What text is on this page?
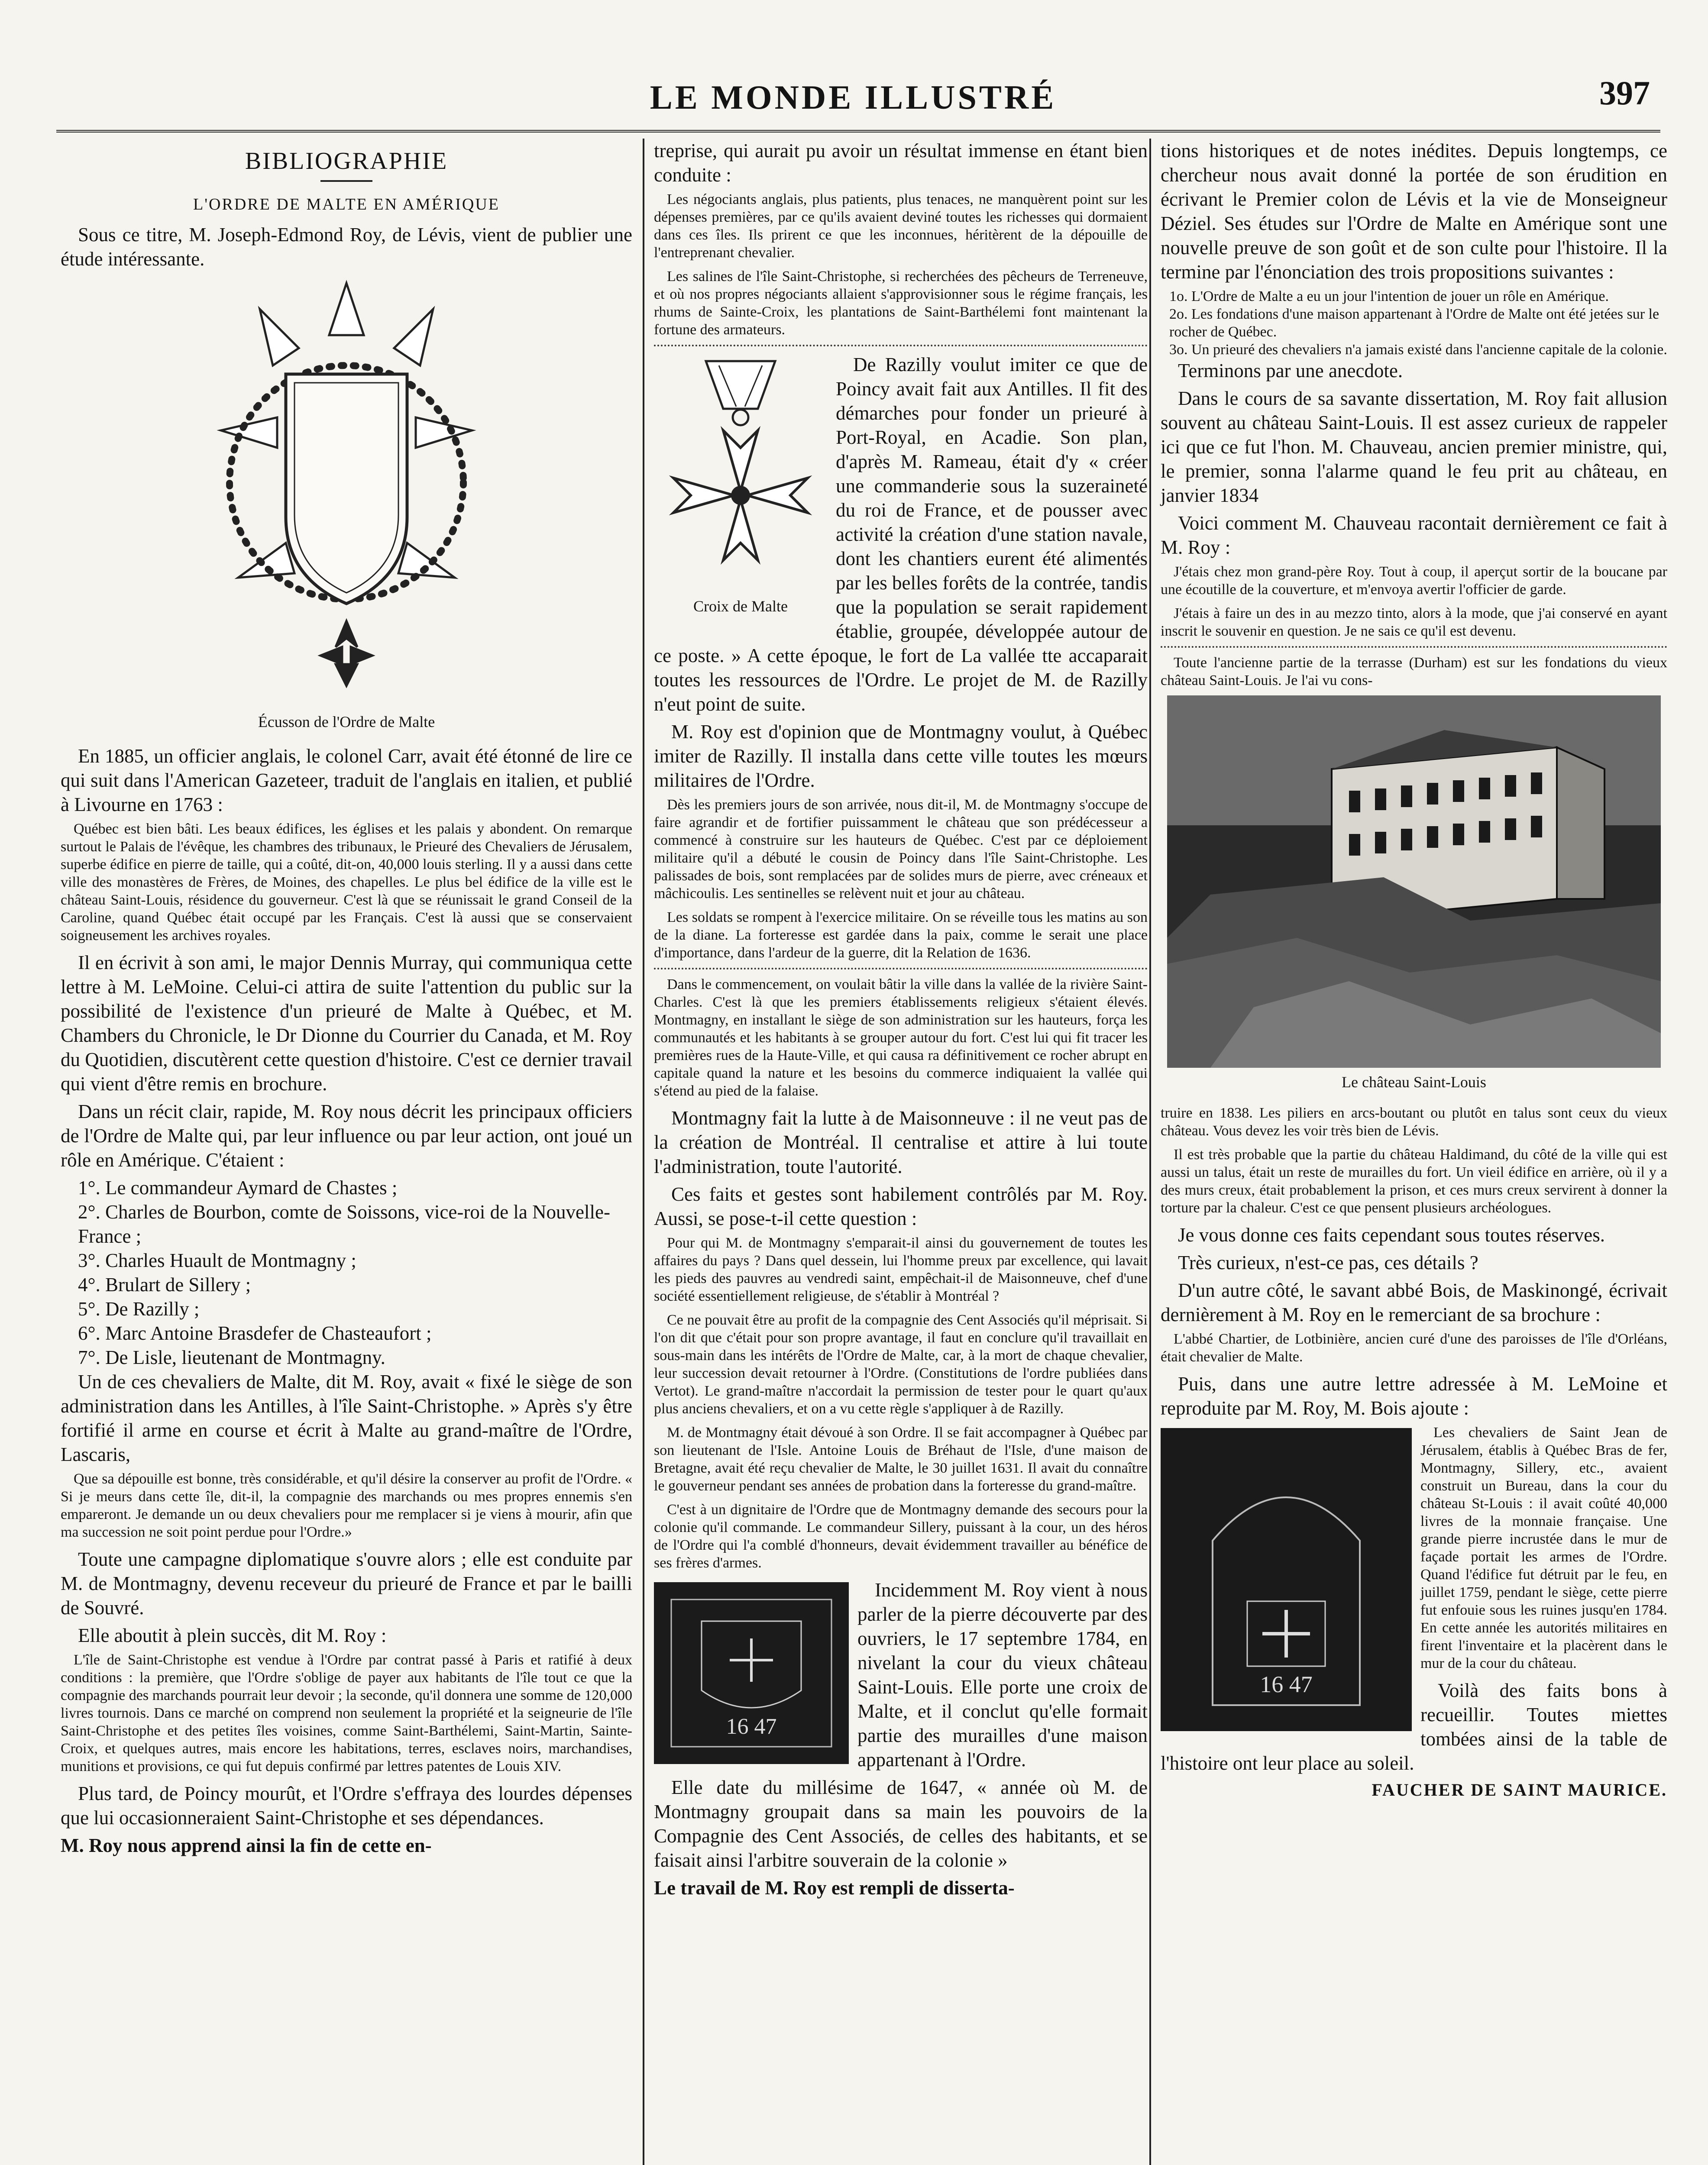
LE MONDE ILLUSTRÉ	397
BIBLIOGRAPHIE
L'ORDRE DE MALTE EN AMÉRIQUE

Sous ce titre, M. Joseph-Edmond Roy, de Lévis, vient de publier une étude intéressante.

Écusson de l'Ordre de Malte

En 1885, un officier anglais, le colonel Carr, avait été étonné de lire ce qui suit dans l'American Gazeteer, traduit de l'anglais en italien, et publié à Livourne en 1763 :

Québec est bien bâti. Les beaux édifices, les églises et les palais y abondent. On remarque surtout le Palais de l'évêque, les chambres des tribunaux, le Prieuré des Chevaliers de Jérusalem, superbe édifice en pierre de taille, qui a coûté, dit-on, 40,000 louis sterling. Il y a aussi dans cette ville des monastères de Frères, de Moines, des chapelles. Le plus bel édifice de la ville est le château Saint-Louis, résidence du gouverneur. C'est là que se réunissait le grand Conseil de la Caroline, quand Québec était occupé par les Français. C'est là aussi que se conservaient soigneusement les archives royales.

Il en écrivit à son ami, le major Dennis Murray, qui communiqua cette lettre à M. LeMoine. Celui-ci attira de suite l'attention du public sur la possibilité de l'existence d'un prieuré de Malte à Québec, et M. Chambers du Chronicle, le Dr Dionne du Courrier du Canada, et M. Roy du Quotidien, discutèrent cette question d'histoire. C'est ce dernier travail qui vient d'être remis en brochure.

Dans un récit clair, rapide, M. Roy nous décrit les principaux officiers de l'Ordre de Malte qui, par leur influence ou par leur action, ont joué un rôle en Amérique. C'étaient :

1°. Le commandeur Aymard de Chastes ;

2°. Charles de Bourbon, comte de Soissons, vice-roi de la Nouvelle-France ;

3°. Charles Huault de Montmagny ;

4°. Brulart de Sillery ;

5°. De Razilly ;

6°. Marc Antoine Brasdefer de Chasteaufort ;

7°. De Lisle, lieutenant de Montmagny.

Un de ces chevaliers de Malte, dit M. Roy, avait « fixé le siège de son administration dans les Antilles, à l'île Saint-Christophe. » Après s'y être fortifié il arme en course et écrit à Malte au grand-maître de l'Ordre, Lascaris,

Que sa dépouille est bonne, très considérable, et qu'il désire la conserver au profit de l'Ordre. « Si je meurs dans cette île, dit-il, la compagnie des marchands ou mes propres ennemis s'en empareront. Je demande un ou deux chevaliers pour me remplacer si je viens à mourir, afin que ma succession ne soit point perdue pour l'Ordre.»

Toute une campagne diplomatique s'ouvre alors ; elle est conduite par M. de Montmagny, devenu receveur du prieuré de France et par le bailli de Souvré.

Elle aboutit à plein succès, dit M. Roy :

L'île de Saint-Christophe est vendue à l'Ordre par contrat passé à Paris et ratifié à deux conditions : la première, que l'Ordre s'oblige de payer aux habitants de l'île tout ce que la compagnie des marchands pourrait leur devoir ; la seconde, qu'il donnera une somme de 120,000 livres tournois. Dans ce marché on comprend non seulement la propriété et la seigneurie de l'île Saint-Christophe et des petites îles voisines, comme Saint-Barthélemi, Saint-Martin, Sainte-Croix, et quelques autres, mais encore les habitations, terres, esclaves noirs, marchandises, munitions et provisions, ce qui fut depuis confirmé par lettres patentes de Louis XIV.

Plus tard, de Poincy mourût, et l'Ordre s'effraya des lourdes dépenses que lui occasionneraient Saint-Christophe et ses dépendances.

M. Roy nous apprend ainsi la fin de cette en-

treprise, qui aurait pu avoir un résultat immense en étant bien conduite :

Les négociants anglais, plus patients, plus tenaces, ne manquèrent point sur les dépenses premières, par ce qu'ils avaient deviné toutes les richesses qui dormaient dans ces îles. Ils prirent ce que les inconnues, héritèrent de la dépouille de l'entreprenant chevalier.

Les salines de l'île Saint-Christophe, si recherchées des pêcheurs de Terreneuve, et où nos propres négociants allaient s'approvisionner sous le régime français, les rhums de Sainte-Croix, les plantations de Saint-Barthélemi font maintenant la fortune des armateurs.

Croix de Malte

De Razilly voulut imiter ce que de Poincy avait fait aux Antilles. Il fit des démarches pour fonder un prieuré à Port-Royal, en Acadie. Son plan, d'après M. Rameau, était d'y « créer une commanderie sous la suzeraineté du roi de France, et de pousser avec activité la création d'une station navale, dont les chantiers eurent été alimentés par les belles forêts de la contrée, tandis que la population se serait rapidement établie, groupée, développée autour de ce poste. » A cette époque, le fort de La vallée tte accaparait toutes les ressources de l'Ordre. Le projet de M. de Razilly n'eut point de suite.

M. Roy est d'opinion que de Montmagny voulut, à Québec imiter de Razilly. Il installa dans cette ville toutes les mœurs militaires de l'Ordre.

Dès les premiers jours de son arrivée, nous dit-il, M. de Montmagny s'occupe de faire agrandir et de fortifier puissamment le château que son prédécesseur a commencé à construire sur les hauteurs de Québec. C'est par ce déploiement militaire qu'il a débuté le cousin de Poincy dans l'île Saint-Christophe. Les palissades de bois, sont remplacées par de solides murs de pierre, avec créneaux et mâchicoulis. Les sentinelles se relèvent nuit et jour au château.

Les soldats se rompent à l'exercice militaire. On se réveille tous les matins au son de la diane. La forteresse est gardée dans la paix, comme le serait une place d'importance, dans l'ardeur de la guerre, dit la Relation de 1636.

Dans le commencement, on voulait bâtir la ville dans la vallée de la rivière Saint-Charles. C'est là que les premiers établissements religieux s'étaient élevés. Montmagny, en installant le siège de son administration sur les hauteurs, força les communautés et les habitants à se grouper autour du fort. C'est lui qui fit tracer les premières rues de la Haute-Ville, et qui causa ra définitivement ce rocher abrupt en capitale quand la nature et les besoins du commerce indiquaient la vallée qui s'étend au pied de la falaise.

Montmagny fait la lutte à de Maisonneuve : il ne veut pas de la création de Montréal. Il centralise et attire à lui toute l'administration, toute l'autorité.

Ces faits et gestes sont habilement contrôlés par M. Roy. Aussi, se pose-t-il cette question :

Pour qui M. de Montmagny s'emparait-il ainsi du gouvernement de toutes les affaires du pays ? Dans quel dessein, lui l'homme preux par excellence, qui lavait les pieds des pauvres au vendredi saint, empêchait-il de Maisonneuve, chef d'une société essentiellement religieuse, de s'établir à Montréal ?

Ce ne pouvait être au profit de la compagnie des Cent Associés qu'il méprisait. Si l'on dit que c'était pour son propre avantage, il faut en conclure qu'il travaillait en sous-main dans les intérêts de l'Ordre de Malte, car, à la mort de chaque chevalier, leur succession devait retourner à l'Ordre. (Constitutions de l'ordre publiées dans Vertot). Le grand-maître n'accordait la permission de tester pour le quart qu'aux plus anciens chevaliers, et on a vu cette règle s'appliquer à de Razilly.

M. de Montmagny était dévoué à son Ordre. Il se fait accompagner à Québec par son lieutenant de l'Isle. Antoine Louis de Bréhaut de l'Isle, d'une maison de Bretagne, avait été reçu chevalier de Malte, le 30 juillet 1631. Il avait du connaître le gouverneur pendant ses années de probation dans la forteresse du grand-maître.

C'est à un dignitaire de l'Ordre que de Montmagny demande des secours pour la colonie qu'il commande. Le commandeur Sillery, puissant à la cour, un des héros de l'Ordre qui l'a comblé d'honneurs, devait évidemment travailler au bénéfice de ses frères d'armes.

16 47

Incidemment M. Roy vient à nous parler de la pierre découverte par des ouvriers, le 17 septembre 1784, en nivelant la cour du vieux château Saint-Louis. Elle porte une croix de Malte, et il conclut qu'elle formait partie des murailles d'une maison appartenant à l'Ordre.

Elle date du millésime de 1647, « année où M. de Montmagny groupait dans sa main les pouvoirs de la Compagnie des Cent Associés, de celles des habitants, et se faisait ainsi l'arbitre souverain de la colonie »

Le travail de M. Roy est rempli de disserta-

tions historiques et de notes inédites. Depuis longtemps, ce chercheur nous avait donné la portée de son érudition en écrivant le Premier colon de Lévis et la vie de Monseigneur Déziel. Ses études sur l'Ordre de Malte en Amérique sont une nouvelle preuve de son goût et de son culte pour l'histoire. Il la termine par l'énonciation des trois propositions suivantes :

1o. L'Ordre de Malte a eu un jour l'intention de jouer un rôle en Amérique.

2o. Les fondations d'une maison appartenant à l'Ordre de Malte ont été jetées sur le rocher de Québec.

3o. Un prieuré des chevaliers n'a jamais existé dans l'ancienne capitale de la colonie.

Terminons par une anecdote.

Dans le cours de sa savante dissertation, M. Roy fait allusion souvent au château Saint-Louis. Il est assez curieux de rappeler ici que ce fut l'hon. M. Chauveau, ancien premier ministre, qui, le premier, sonna l'alarme quand le feu prit au château, en janvier 1834

Voici comment M. Chauveau racontait dernièrement ce fait à M. Roy :

J'étais chez mon grand-père Roy. Tout à coup, il aperçut sortir de la boucane par une écoutille de la couverture, et m'envoya avertir l'officier de garde.

J'étais à faire un des in au mezzo tinto, alors à la mode, que j'ai conservé en ayant inscrit le souvenir en question. Je ne sais ce qu'il est devenu.

Toute l'ancienne partie de la terrasse (Durham) est sur les fondations du vieux château Saint-Louis. Je l'ai vu cons-

Le château Saint-Louis

truire en 1838. Les piliers en arcs-boutant ou plutôt en talus sont ceux du vieux château. Vous devez les voir très bien de Lévis.

Il est très probable que la partie du château Haldimand, du côté de la ville qui est aussi un talus, était un reste de murailles du fort. Un vieil édifice en arrière, où il y a des murs creux, était probablement la prison, et ces murs creux servirent à donner la torture par la chaleur. C'est ce que pensent plusieurs archéologues.

Je vous donne ces faits cependant sous toutes réserves.

Très curieux, n'est-ce pas, ces détails ?

D'un autre côté, le savant abbé Bois, de Maskinongé, écrivait dernièrement à M. Roy en le remerciant de sa brochure :

L'abbé Chartier, de Lotbinière, ancien curé d'une des paroisses de l'île d'Orléans, était chevalier de Malte.

Puis, dans une autre lettre adressée à M. LeMoine et reproduite par M. Roy, M. Bois ajoute :

16 47

Les chevaliers de Saint Jean de Jérusalem, établis à Québec Bras de fer, Montmagny, Sillery, etc., avaient construit un Bureau, dans la cour du château St-Louis : il avait coûté 40,000 livres de la monnaie française. Une grande pierre incrustée dans le mur de façade portait les armes de l'Ordre. Quand l'édifice fut détruit par le feu, en juillet 1759, pendant le siège, cette pierre fut enfouie sous les ruines jusqu'en 1784. En cette année les autorités militaires en firent l'inventaire et la placèrent dans le mur de la cour du château.

Voilà des faits bons à recueillir. Toutes miettes tombées ainsi de la table de l'histoire ont leur place au soleil.

FAUCHER DE SAINT MAURICE.
